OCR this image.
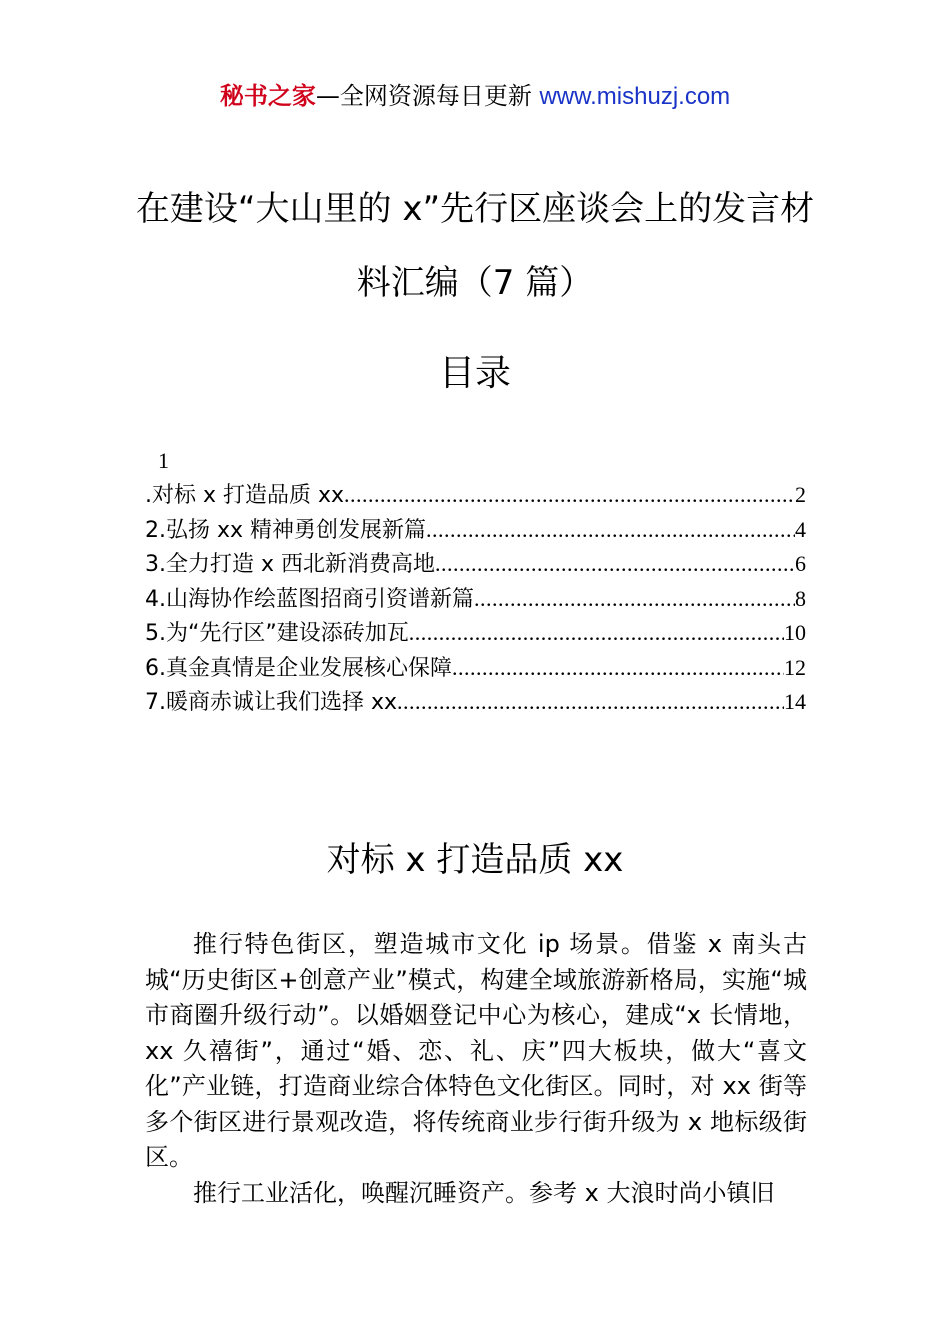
秘书之家—全网资源每日更新 www.mishuzj.com
在建设“大山里的 x”先行区座谈会上的发言材料汇编（7 篇）
目录
1
.对标 x 打造品质 xx .....	2
2.弘扬 xx 精神勇创发展新篇 .....	4
3.全力打造 x 西北新消费高地 .....	6
4.山海协作绘蓝图招商引资谱新篇 .....	8
5.为“先行区”建设添砖加瓦 .....	10
6.真金真情是企业发展核心保障 .....	12
7.暖商赤诚让我们选择 xx .....	14
对标 x 打造品质 xx

推行特色街区，塑造城市文化 ip 场景。借鉴 x 南头古城“历史街区+创意产业”模式，构建全域旅游新格局，实施“城市商圈升级行动”。以婚姻登记中心为核心，建成“x 长情地，xx 久禧街”，通过“婚、恋、礼、庆”四大板块，做大“喜文化”产业链，打造商业综合体特色文化街区。同时，对 xx 街等多个街区进行景观改造，将传统商业步行街升级为 x 地标级街区。

推行工业活化，唤醒沉睡资产。参考 x 大浪时尚小镇旧
